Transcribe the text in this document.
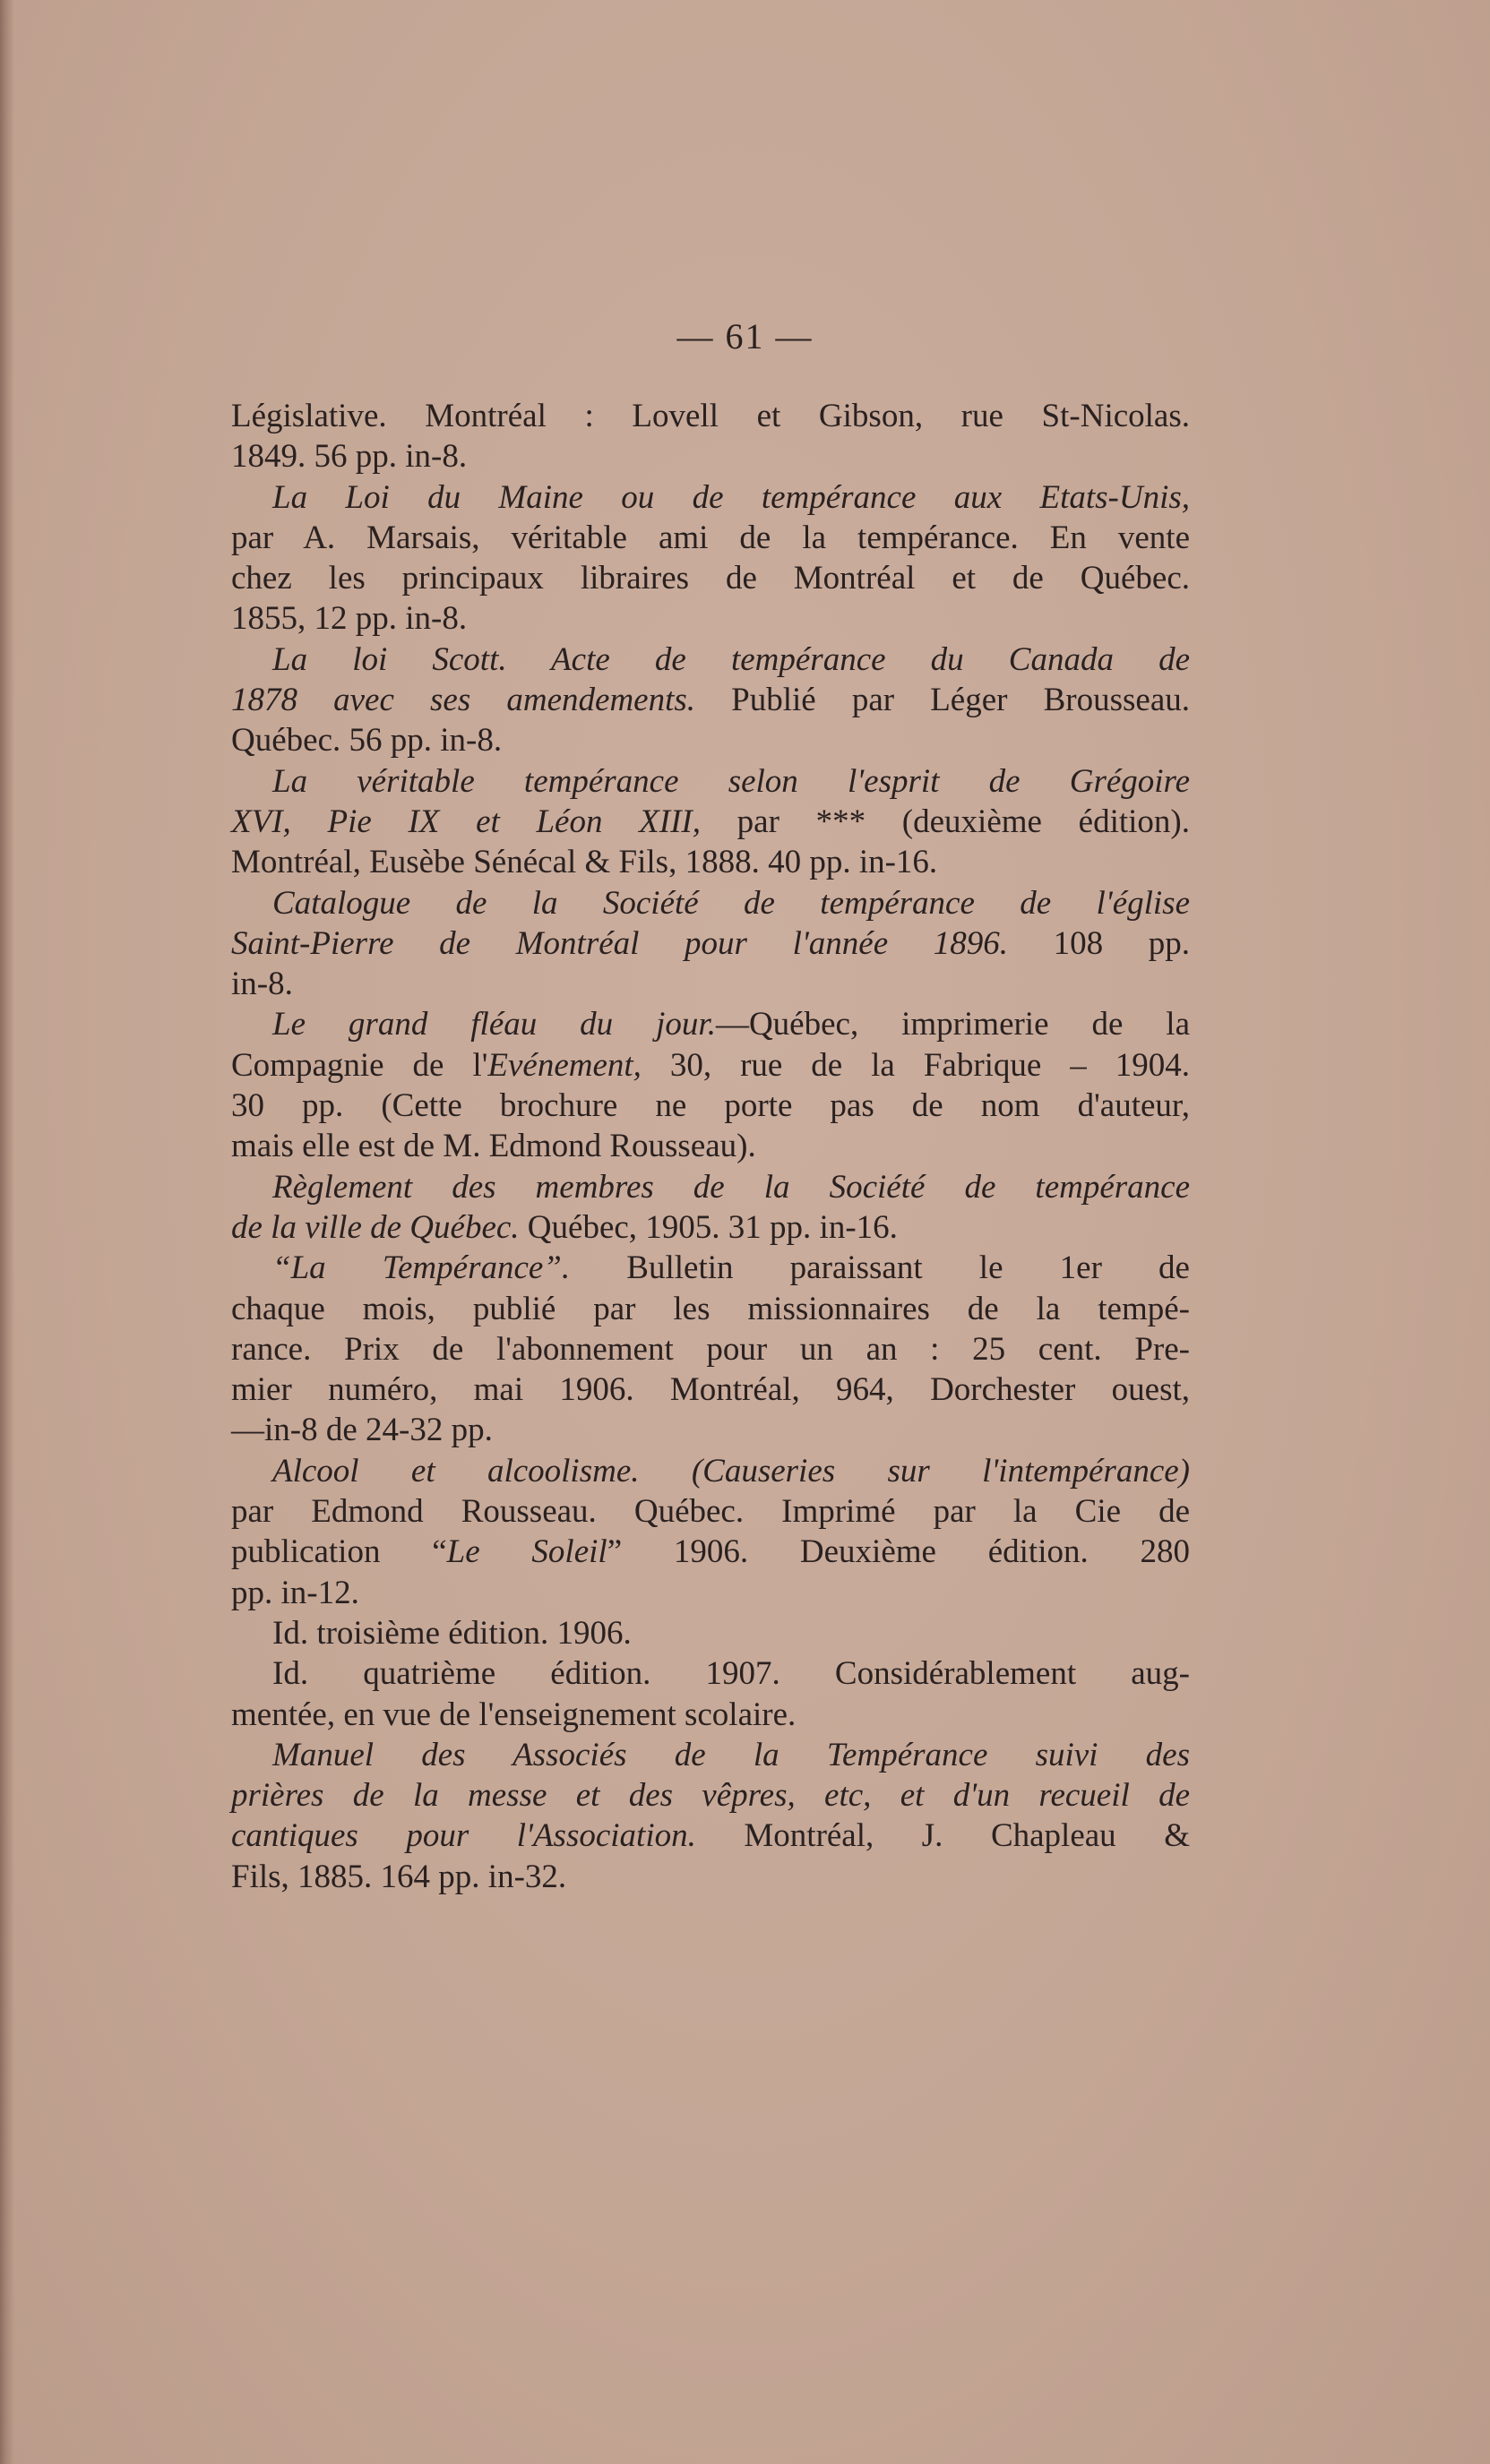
— 61 —
Législative. Montréal : Lovell et Gibson, rue St-Nicolas.
1849. 56 pp. in-8.
La Loi du Maine ou de tempérance aux Etats-Unis,
par A. Marsais, véritable ami de la tempérance. En vente
chez les principaux libraires de Montréal et de Québec.
1855, 12 pp. in-8.
La loi Scott. Acte de tempérance du Canada de
1878 avec ses amendements. Publié par Léger Brousseau.
Québec. 56 pp. in-8.
La véritable tempérance selon l'esprit de Grégoire
XVI, Pie IX et Léon XIII, par *** (deuxième édition).
Montréal, Eusèbe Sénécal & Fils, 1888. 40 pp. in-16.
Catalogue de la Société de tempérance de l'église
Saint-Pierre de Montréal pour l'année 1896. 108 pp.
in-8.
Le grand fléau du jour.—Québec, imprimerie de la
Compagnie de l'Evénement, 30, rue de la Fabrique – 1904.
30 pp. (Cette brochure ne porte pas de nom d'auteur,
mais elle est de M. Edmond Rousseau).
Règlement des membres de la Société de tempérance
de la ville de Québec. Québec, 1905. 31 pp. in-16.
“La Tempérance”. Bulletin paraissant le 1er de
chaque mois, publié par les missionnaires de la tempé-
rance. Prix de l'abonnement pour un an : 25 cent. Pre-
mier numéro, mai 1906. Montréal, 964, Dorchester ouest,
—in-8 de 24-32 pp.
Alcool et alcoolisme. (Causeries sur l'intempérance)
par Edmond Rousseau. Québec. Imprimé par la Cie de
publication “Le Soleil” 1906. Deuxième édition. 280
pp. in-12.
Id. troisième édition. 1906.
Id. quatrième édition. 1907. Considérablement aug-
mentée, en vue de l'enseignement scolaire.
Manuel des Associés de la Tempérance suivi des
prières de la messe et des vêpres, etc, et d'un recueil de
cantiques pour l'Association. Montréal, J. Chapleau &
Fils, 1885. 164 pp. in-32.
